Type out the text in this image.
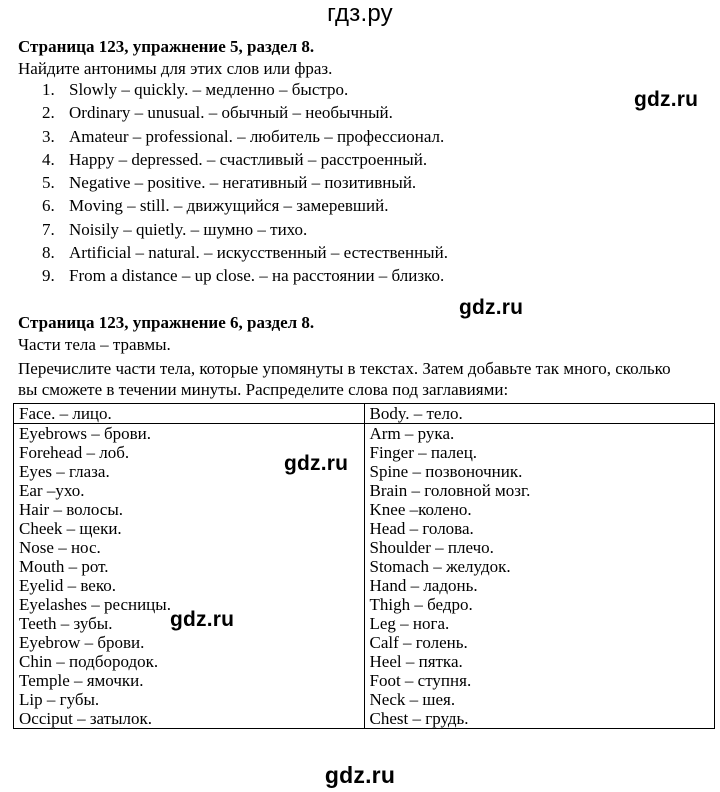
гдз.ру
Страница 123, упражнение 5, раздел 8.
Найдите антонимы для этих слов или фраз.
1. Slowly – quickly. – медленно – быстро.
2. Ordinary – unusual. – обычный – необычный.
3. Amateur – professional. – любитель – профессионал.
4. Happy – depressed. – счастливый – расстроенный.
5. Negative – positive. – негативный – позитивный.
6. Moving – still. – движущийся – замеревший.
7. Noisily – quietly. – шумно – тихо.
8. Artificial – natural. – искусственный – естественный.
9. From a distance – up close. – на расстоянии – близко.
gdz.ru
Страница 123, упражнение 6, раздел 8.
gdz.ru
Части тела – травмы.
Перечислите части тела, которые упомянуты в текстах. Затем добавьте так много, сколько
вы сможете в течении минуты. Распределите слова под заглавиями:
Face. – лицо.	Body. – тело.
Eyebrows – брови.	Arm – рука.
Forehead – лоб.	Finger – палец.
Eyes – глаза.	Spine – позвоночник.
Ear –ухо.	Brain – головной мозг.
Hair – волосы.	Knee –колено.
Cheek – щеки.	Head – голова.
Nose – нос.	Shoulder – плечо.
Mouth – рот.	Stomach – желудок.
Eyelid – веко.	Hand – ладонь.
Eyelashes – ресницы.	Thigh – бедро.
Teeth – зубы.	Leg – нога.
Eyebrow – брови.	Calf – голень.
Chin – подбородок.	Heel – пятка.
Temple – ямочки.	Foot – ступня.
Lip – губы.	Neck – шея.
Occiput – затылок.	Chest – грудь.
gdz.ru
gdz.ru
gdz.ru
